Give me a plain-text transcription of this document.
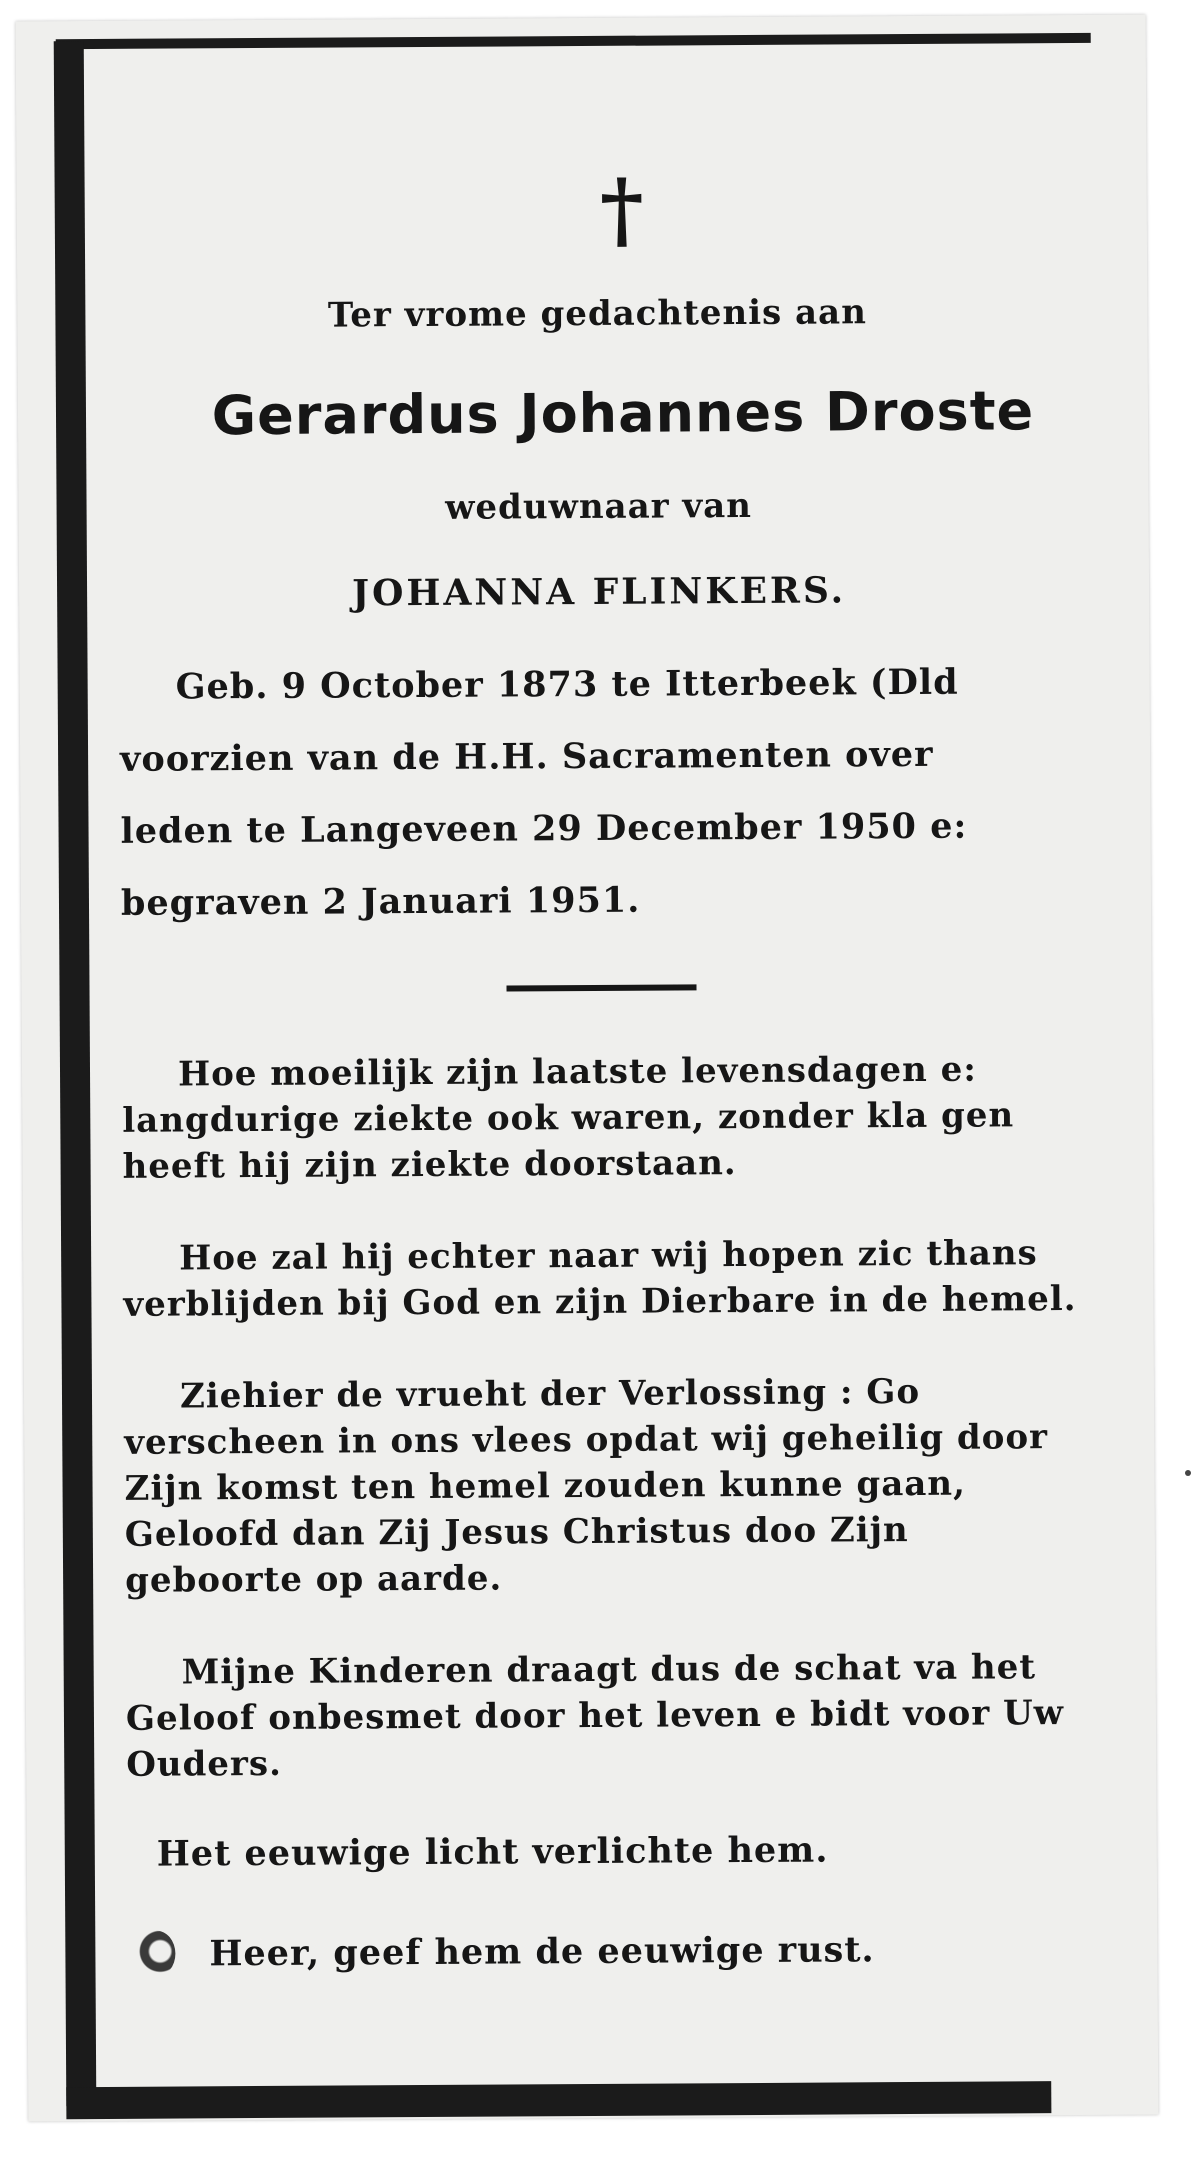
†
Ter vrome gedachtenis aan
Gerardus Johannes Droste
weduwnaar van
JOHANNA FLINKERS.
Geb. 9 October 1873 te Itterbeek (Dld
voorzien van de H.H. Sacramenten over
leden te Langeveen 29 December 1950 e:
begraven 2 Januari 1951.
Hoe moeilijk zijn laatste levensdagen e: langdurige ziekte ook waren, zonder kla gen heeft hij zijn ziekte doorstaan.
Hoe zal hij echter naar wij hopen zic thans verblijden bij God en zijn Dierbare in de hemel.
Ziehier de vrueht der Verlossing : Go verscheen in ons vlees opdat wij geheilig door Zijn komst ten hemel zouden kunne gaan, Geloofd dan Zij Jesus Christus doo Zijn geboorte op aarde.
Mijne Kinderen draagt dus de schat va het Geloof onbesmet door het leven e bidt voor Uw Ouders.
Het eeuwige licht verlichte hem.
Heer, geef hem de eeuwige rust.
